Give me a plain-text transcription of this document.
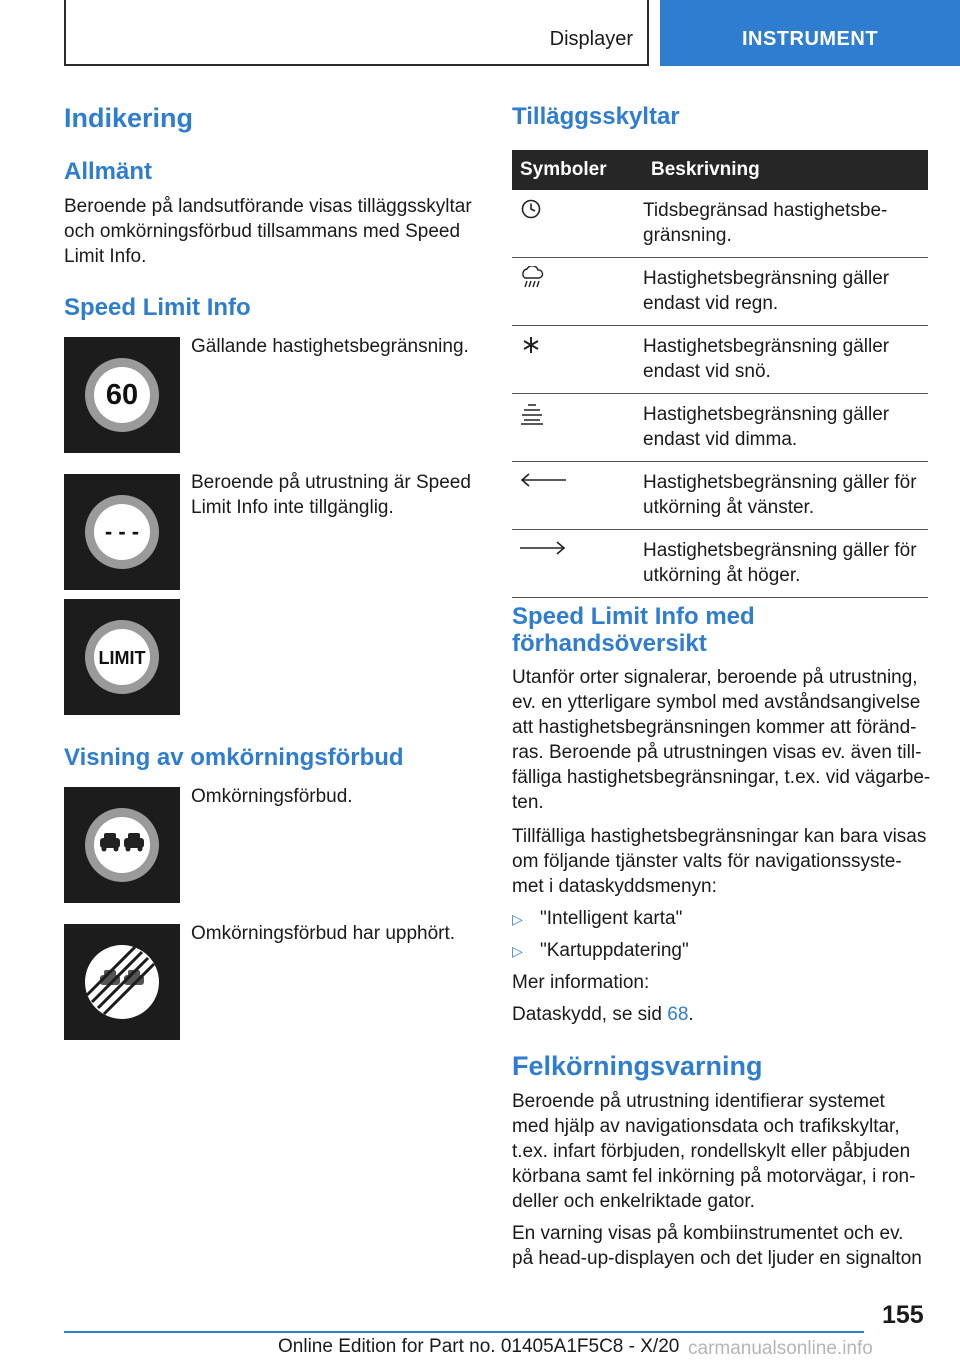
Displayer	INSTRUMENT
Indikering
Allmänt
Beroende på landsutförande visas tilläggsskyltar
och omkörningsförbud tillsammans med Speed
Limit Info.
Speed Limit Info
60
Gällande hastighetsbegränsning.
- - -
Beroende på utrustning är Speed
Limit Info inte tillgänglig.
LIMIT
Visning av omkörningsförbud
Omkörningsförbud.
Omkörningsförbud har upphört.
Tilläggsskyltar
Symboler	Beskrivning

Tidsbegränsad hastighetsbe-
gränsning.

Hastighetsbegränsning gäller
endast vid regn.

Hastighetsbegränsning gäller
endast vid snö.

Hastighetsbegränsning gäller
endast vid dimma.

Hastighetsbegränsning gäller för
utkörning åt vänster.

Hastighetsbegränsning gäller för
utkörning åt höger.
Speed Limit Info med
förhandsöversikt
Utanför orter signalerar, beroende på utrustning,
ev. en ytterligare symbol med avståndsangivelse
att hastighetsbegränsningen kommer att föränd-
ras. Beroende på utrustningen visas ev. även till-
fälliga hastighetsbegränsningar, t.ex. vid vägarbe-
ten.
Tillfälliga hastighetsbegränsningar kan bara visas
om följande tjänster valts för navigationssyste-
met i dataskyddsmenyn:
▷ "Intelligent karta"
▷ "Kartuppdatering"
Mer information:
Dataskydd, se sid 68.
Felkörningsvarning
Beroende på utrustning identifierar systemet
med hjälp av navigationsdata och trafikskyltar,
t.ex. infart förbjuden, rondellskylt eller påbjuden
körbana samt fel inkörning på motorvägar, i ron-
deller och enkelriktade gator.
En varning visas på kombiinstrumentet och ev.
på head-up-displayen och det ljuder en signalton
155
Online Edition for Part no. 01405A1F5C8 - X/20 carmanualsonline.info
